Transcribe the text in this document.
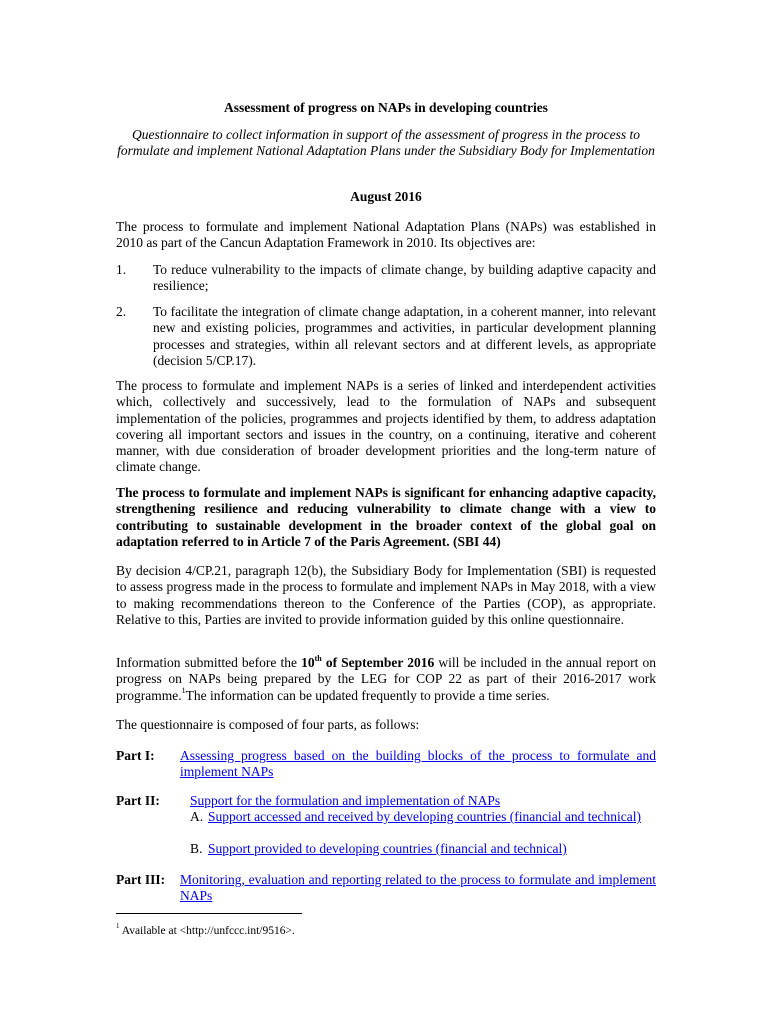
Assessment of progress on NAPs in developing countries
Questionnaire to collect information in support of the assessment of progress in the process to formulate and implement National Adaptation Plans under the Subsidiary Body for Implementation
August 2016
The process to formulate and implement National Adaptation Plans (NAPs) was established in 2010 as part of the Cancun Adaptation Framework in 2010. Its objectives are:
1. To reduce vulnerability to the impacts of climate change, by building adaptive capacity and resilience;
2. To facilitate the integration of climate change adaptation, in a coherent manner, into relevant new and existing policies, programmes and activities, in particular development planning processes and strategies, within all relevant sectors and at different levels, as appropriate (decision 5/CP.17).
The process to formulate and implement NAPs is a series of linked and interdependent activities which, collectively and successively, lead to the formulation of NAPs and subsequent implementation of the policies, programmes and projects identified by them, to address adaptation covering all important sectors and issues in the country, on a continuing, iterative and coherent manner, with due consideration of broader development priorities and the long-term nature of climate change.
The process to formulate and implement NAPs is significant for enhancing adaptive capacity, strengthening resilience and reducing vulnerability to climate change with a view to contributing to sustainable development in the broader context of the global goal on adaptation referred to in Article 7 of the Paris Agreement. (SBI 44)
By decision 4/CP.21, paragraph 12(b), the Subsidiary Body for Implementation (SBI) is requested to assess progress made in the process to formulate and implement NAPs in May 2018, with a view to making recommendations thereon to the Conference of the Parties (COP), as appropriate. Relative to this, Parties are invited to provide information guided by this online questionnaire.
Information submitted before the 10th of September 2016 will be included in the annual report on progress on NAPs being prepared by the LEG for COP 22 as part of their 2016-2017 work programme.$^1$The information can be updated frequently to provide a time series.
The questionnaire is composed of four parts, as follows:
Part I: Assessing progress based on the building blocks of the process to formulate and implement NAPs
Part II: Support for the formulation and implementation of NAPs
A. Support accessed and received by developing countries (financial and technical)
B. Support provided to developing countries (financial and technical)
Part III: Monitoring, evaluation and reporting related to the process to formulate and implement NAPs
$^1$ Available at <http://unfccc.int/9516>.
